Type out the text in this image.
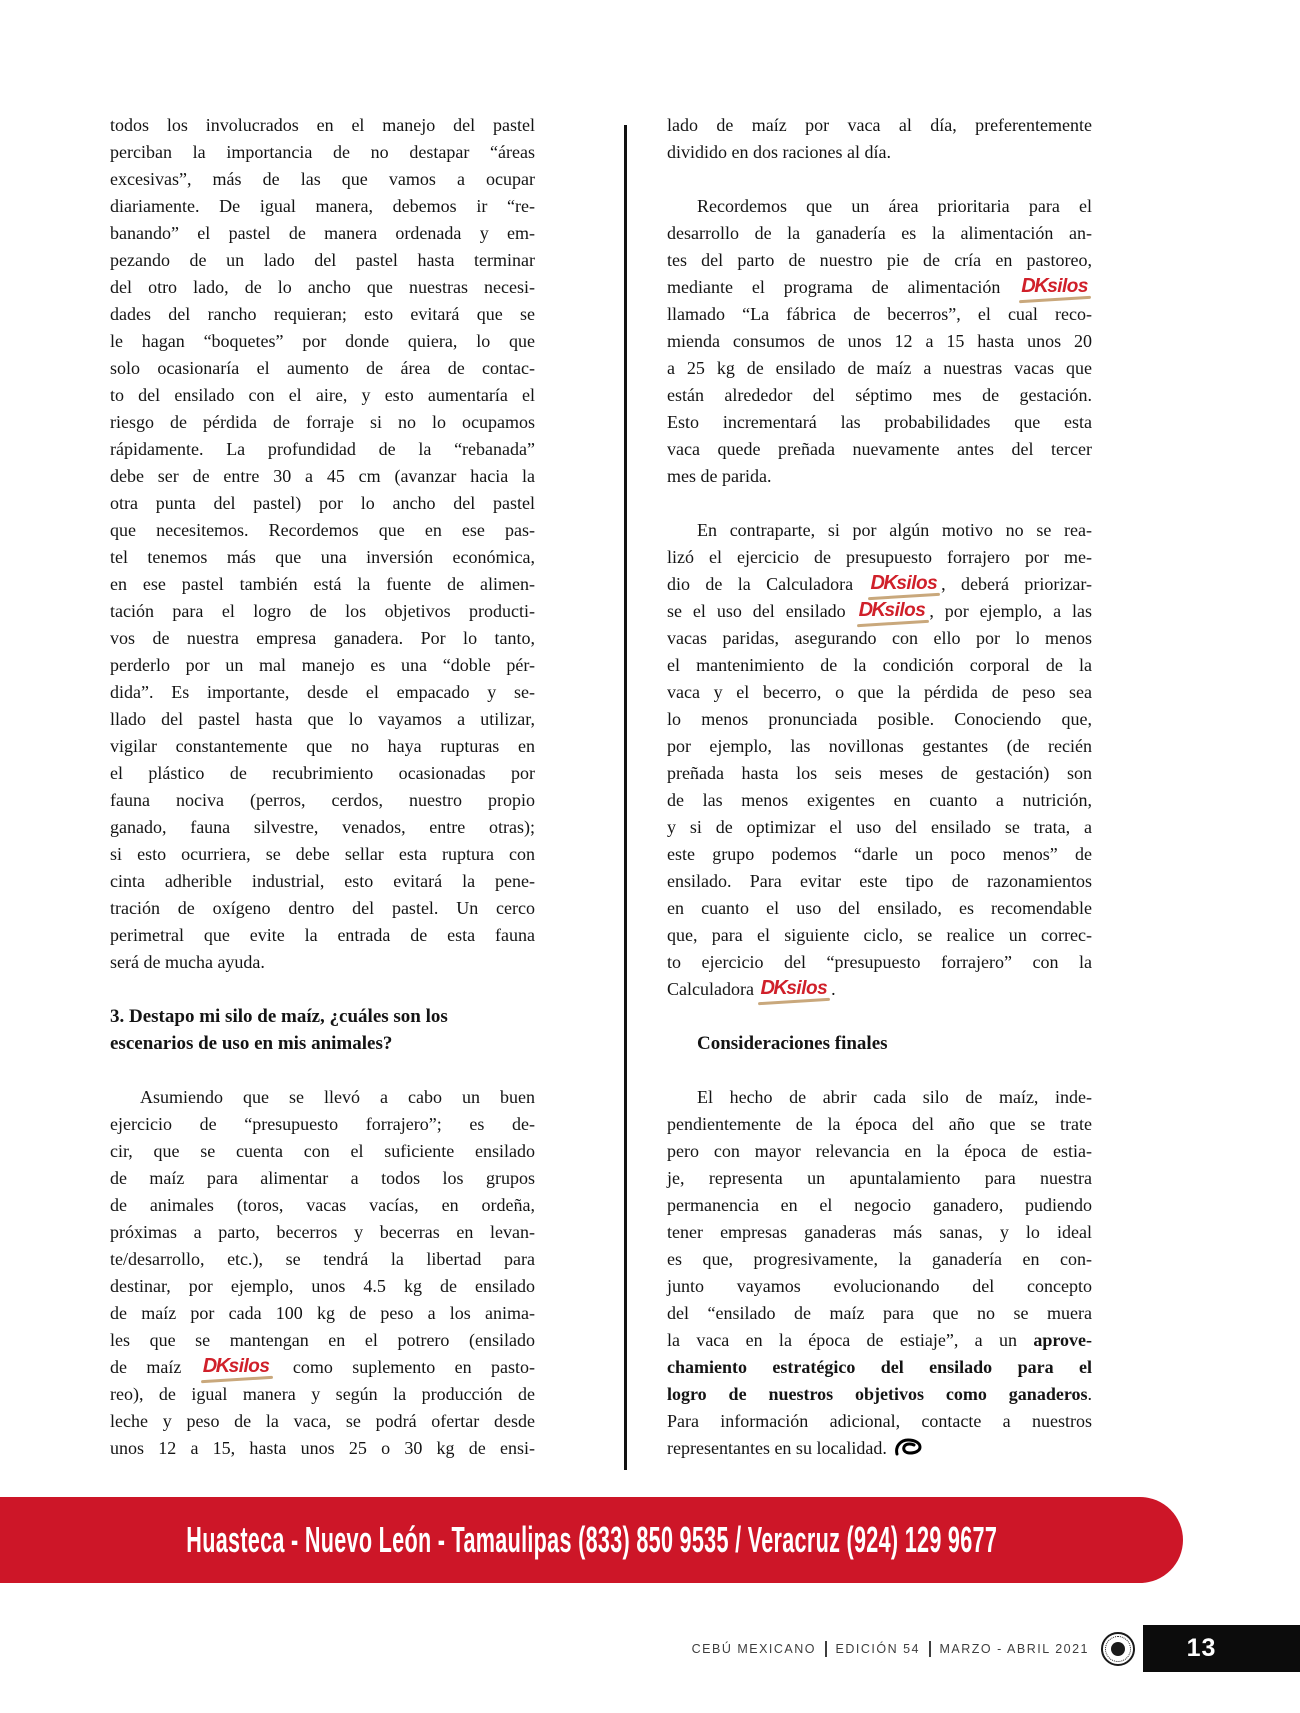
todos los involucrados en el manejo del pastel
perciban la importancia de no destapar “áreas
excesivas”, más de las que vamos a ocupar
diariamente. De igual manera, debemos ir “re-
banando” el pastel de manera ordenada y em-
pezando de un lado del pastel hasta terminar
del otro lado, de lo ancho que nuestras necesi-
dades del rancho requieran; esto evitará que se
le hagan “boquetes” por donde quiera, lo que
solo ocasionaría el aumento de área de contac-
to del ensilado con el aire, y esto aumentaría el
riesgo de pérdida de forraje si no lo ocupamos
rápidamente. La profundidad de la “rebanada”
debe ser de entre 30 a 45 cm (avanzar hacia la
otra punta del pastel) por lo ancho del pastel
que necesitemos. Recordemos que en ese pas-
tel tenemos más que una inversión económica,
en ese pastel también está la fuente de alimen-
tación para el logro de los objetivos producti-
vos de nuestra empresa ganadera. Por lo tanto,
perderlo por un mal manejo es una “doble pér-
dida”. Es importante, desde el empacado y se-
llado del pastel hasta que lo vayamos a utilizar,
vigilar constantemente que no haya rupturas en
el plástico de recubrimiento ocasionadas por
fauna nociva (perros, cerdos, nuestro propio
ganado, fauna silvestre, venados, entre otras);
si esto ocurriera, se debe sellar esta ruptura con
cinta adherible industrial, esto evitará la pene-
tración de oxígeno dentro del pastel. Un cerco
perimetral que evite la entrada de esta fauna
será de mucha ayuda.
3. Destapo mi silo de maíz, ¿cuáles son los
escenarios de uso en mis animales?
Asumiendo que se llevó a cabo un buen
ejercicio de “presupuesto forrajero”; es de-
cir, que se cuenta con el suficiente ensilado
de maíz para alimentar a todos los grupos
de animales (toros, vacas vacías, en ordeña,
próximas a parto, becerros y becerras en levan-
te/desarrollo, etc.), se tendrá la libertad para
destinar, por ejemplo, unos 4.5 kg de ensilado
de maíz por cada 100 kg de peso a los anima-
les que se mantengan en el potrero (ensilado
de maíz DKsilos como suplemento en pasto-
reo), de igual manera y según la producción de
leche y peso de la vaca, se podrá ofertar desde
unos 12 a 15, hasta unos 25 o 30 kg de ensi-
lado de maíz por vaca al día, preferentemente
dividido en dos raciones al día.
Recordemos que un área prioritaria para el
desarrollo de la ganadería es la alimentación an-
tes del parto de nuestro pie de cría en pastoreo,
mediante el programa de alimentación DKsilos
llamado “La fábrica de becerros”, el cual reco-
mienda consumos de unos 12 a 15 hasta unos 20
a 25 kg de ensilado de maíz a nuestras vacas que
están alrededor del séptimo mes de gestación.
Esto incrementará las probabilidades que esta
vaca quede preñada nuevamente antes del tercer
mes de parida.
En contraparte, si por algún motivo no se rea-
lizó el ejercicio de presupuesto forrajero por me-
dio de la Calculadora DKsilos , deberá priorizar-
se el uso del ensilado DKsilos , por ejemplo, a las
vacas paridas, asegurando con ello por lo menos
el mantenimiento de la condición corporal de la
vaca y el becerro, o que la pérdida de peso sea
lo menos pronunciada posible. Conociendo que,
por ejemplo, las novillonas gestantes (de recién
preñada hasta los seis meses de gestación) son
de las menos exigentes en cuanto a nutrición,
y si de optimizar el uso del ensilado se trata, a
este grupo podemos “darle un poco menos” de
ensilado. Para evitar este tipo de razonamientos
en cuanto el uso del ensilado, es recomendable
que, para el siguiente ciclo, se realice un correc-
to ejercicio del “presupuesto forrajero” con la
Calculadora DKsilos .
Consideraciones finales
El hecho de abrir cada silo de maíz, inde-
pendientemente de la época del año que se trate
pero con mayor relevancia en la época de estia-
je, representa un apuntalamiento para nuestra
permanencia en el negocio ganadero, pudiendo
tener empresas ganaderas más sanas, y lo ideal
es que, progresivamente, la ganadería en con-
junto vayamos evolucionando del concepto
del “ensilado de maíz para que no se muera
la vaca en la época de estiaje”, a un aprove-
chamiento estratégico del ensilado para el
logro de nuestros objetivos como ganaderos.
Para información adicional, contacte a nuestros
representantes en su localidad.
Huasteca - Nuevo León - Tamaulipas (833) 850 9535 / Veracruz (924) 129 9677
CEBÚ MEXICANO EDICIÓN 54 MARZO - ABRIL 2021	13
